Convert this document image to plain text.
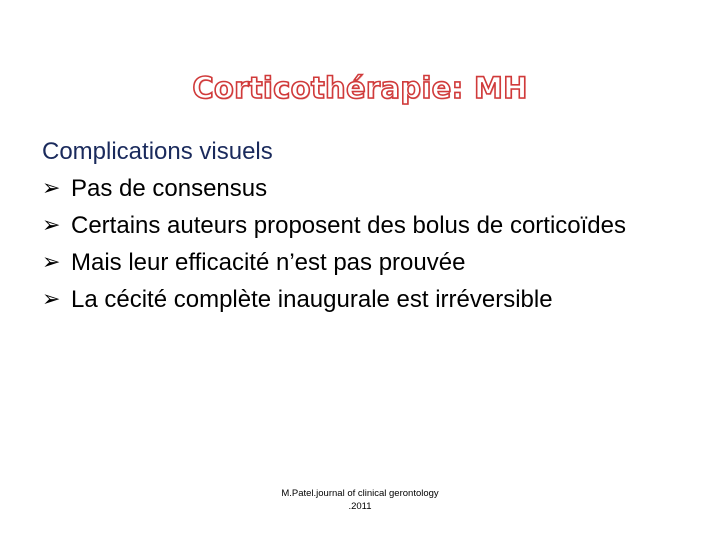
Corticothérapie: MH

Complications visuels

➢ Pas de consensus
➢ Certains auteurs proposent des bolus de corticoïdes
➢ Mais leur efficacité n’est pas prouvée
➢ La cécité complète inaugurale est irréversible
M.Patel.journal of clinical gerontology
.2011
